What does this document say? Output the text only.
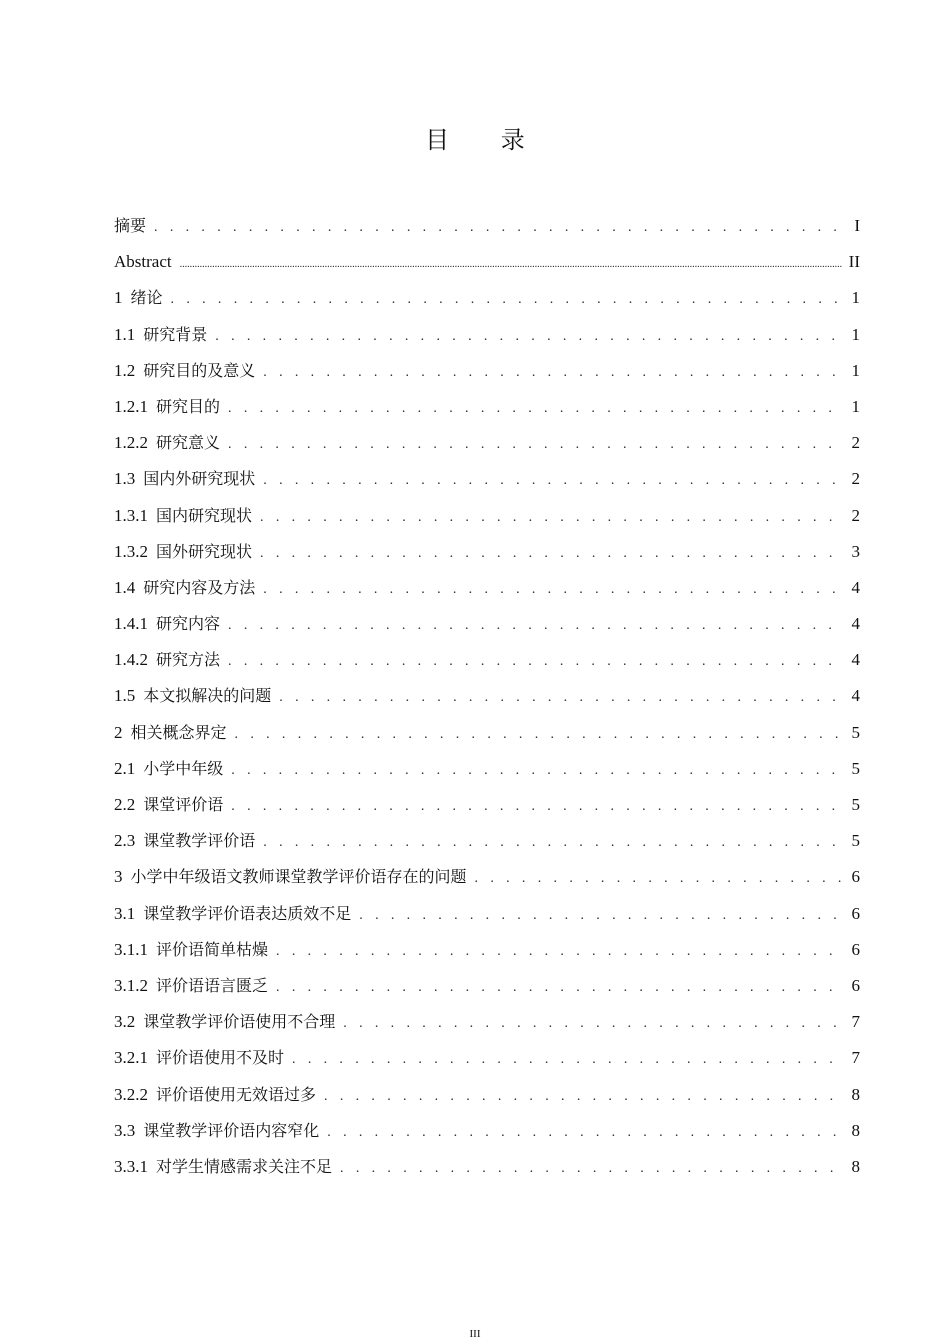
目 录
摘要 . . .	I
Abstract .....	II
1 绪论 . . .	1
1.1 研究背景 . . .	1
1.2 研究目的及意义 . . .	1
1.2.1 研究目的 . . .	1
1.2.2 研究意义 . . .	2
1.3 国内外研究现状 . . .	2
1.3.1 国内研究现状 . . .	2
1.3.2 国外研究现状 . . .	3
1.4 研究内容及方法 . . .	4
1.4.1 研究内容 . . .	4
1.4.2 研究方法 . . .	4
1.5 本文拟解决的问题 . . .	4
2 相关概念界定 . . .	5
2.1 小学中年级 . . .	5
2.2 课堂评价语 . . .	5
2.3 课堂教学评价语 . . .	5
3 小学中年级语文教师课堂教学评价语存在的问题 . . .	6
3.1 课堂教学评价语表达质效不足 . . .	6
3.1.1 评价语简单枯燥 . . .	6
3.1.2 评价语语言匮乏 . . .	6
3.2 课堂教学评价语使用不合理 . . .	7
3.2.1 评价语使用不及时 . . .	7
3.2.2 评价语使用无效语过多 . . .	8
3.3 课堂教学评价语内容窄化 . . .	8
3.3.1 对学生情感需求关注不足 . . .	8
III
